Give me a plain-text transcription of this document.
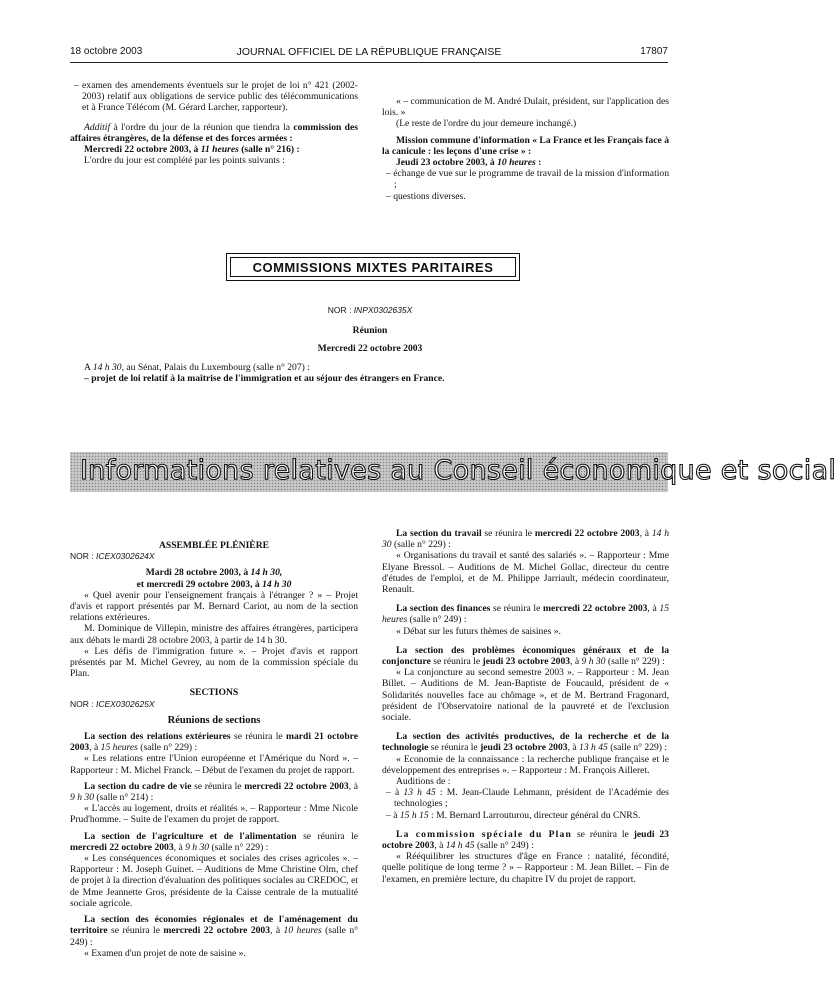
18 octobre 2003	JOURNAL OFFICIEL DE LA RÉPUBLIQUE FRANÇAISE	17807

– examen des amendements éventuels sur le projet de loi n° 421 (2002-2003) relatif aux obligations de service public des télécommunications et à France Télécom (M. Gérard Larcher, rapporteur).

Additif à l'ordre du jour de la réunion que tiendra la commission des affaires étrangères, de la défense et des forces armées :

Mercredi 22 octobre 2003, à 11 heures (salle n° 216) :

L'ordre du jour est complété par les points suivants :

« – communication de M. André Dulait, président, sur l'application des lois. »

(Le reste de l'ordre du jour demeure inchangé.)

Mission commune d'information « La France et les Français face à la canicule : les leçons d'une crise » :

Jeudi 23 octobre 2003, à 10 heures :

– échange de vue sur le programme de travail de la mission d'information ;

– questions diverses.

COMMISSIONS MIXTES PARITAIRES

NOR : INPX0302635X

Réunion

Mercredi 22 octobre 2003

A 14 h 30, au Sénat, Palais du Luxembourg (salle n° 207) :

– projet de loi relatif à la maîtrise de l'immigration et au séjour des étrangers en France.

Informations relatives au Conseil économique et social

ASSEMBLÉE PLÉNIÈRE

NOR : ICEX0302624X

Mardi 28 octobre 2003, à 14 h 30,

et mercredi 29 octobre 2003, à 14 h 30

« Quel avenir pour l'enseignement français à l'étranger ? » – Projet d'avis et rapport présentés par M. Bernard Cariot, au nom de la section relations extérieures.

M. Dominique de Villepin, ministre des affaires étrangères, participera aux débats le mardi 28 octobre 2003, à partir de 14 h 30.

« Les défis de l'immigration future ». – Projet d'avis et rapport présentés par M. Michel Gevrey, au nom de la commission spéciale du Plan.

SECTIONS

NOR : ICEX0302625X

Réunions de sections

La section des relations extérieures se réunira le mardi 21 octobre 2003, à 15 heures (salle n° 229) :

« Les relations entre l'Union européenne et l'Amérique du Nord ». – Rapporteur : M. Michel Franck. – Début de l'examen du projet de rapport.

La section du cadre de vie se réunira le mercredi 22 octobre 2003, à 9 h 30 (salle n° 214) :

« L'accès au logement, droits et réalités ». – Rapporteur : Mme Nicole Prud'homme. – Suite de l'examen du projet de rapport.

La section de l'agriculture et de l'alimentation se réunira le mercredi 22 octobre 2003, à 9 h 30 (salle n° 229) :

« Les conséquences économiques et sociales des crises agricoles ». – Rapporteur : M. Joseph Guinet. – Auditions de Mme Christine Olm, chef de projet à la direction d'évaluation des politiques sociales au CREDOC, et de Mme Jeannette Gros, présidente de la Caisse centrale de la mutualité sociale agricole.

La section des économies régionales et de l'aménagement du territoire se réunira le mercredi 22 octobre 2003, à 10 heures (salle n° 249) :

« Examen d'un projet de note de saisine ».

La section du travail se réunira le mercredi 22 octobre 2003, à 14 h 30 (salle n° 229) :

« Organisations du travail et santé des salariés ». – Rapporteur : Mme Elyane Bressol. – Auditions de M. Michel Gollac, directeur du centre d'études de l'emploi, et de M. Philippe Jarriault, médecin coordinateur, Renault.

La section des finances se réunira le mercredi 22 octobre 2003, à 15 heures (salle n° 249) :

« Débat sur les futurs thèmes de saisines ».

La section des problèmes économiques généraux et de la conjoncture se réunira le jeudi 23 octobre 2003, à 9 h 30 (salle n° 229) :

« La conjoncture au second semestre 2003 ». – Rapporteur : M. Jean Billet. – Auditions de M. Jean-Baptiste de Foucauld, président de « Solidarités nouvelles face au chômage », et de M. Bertrand Fragonard, président de l'Observatoire national de la pauvreté et de l'exclusion sociale.

La section des activités productives, de la recherche et de la technologie se réunira le jeudi 23 octobre 2003, à 13 h 45 (salle n° 229) :

« Economie de la connaissance : la recherche publique française et le développement des entreprises ». – Rapporteur : M. François Ailleret.

Auditions de :

– à 13 h 45 : M. Jean-Claude Lehmann, président de l'Académie des technologies ;

– à 15 h 15 : M. Bernard Larrouturou, directeur général du CNRS.

La commission spéciale du Plan se réunira le jeudi 23 octobre 2003, à 14 h 45 (salle n° 249) :

« Rééquilibrer les structures d'âge en France : natalité, fécondité, quelle politique de long terme ? » – Rapporteur : M. Jean Billet. – Fin de l'examen, en première lecture, du chapitre IV du projet de rapport.
